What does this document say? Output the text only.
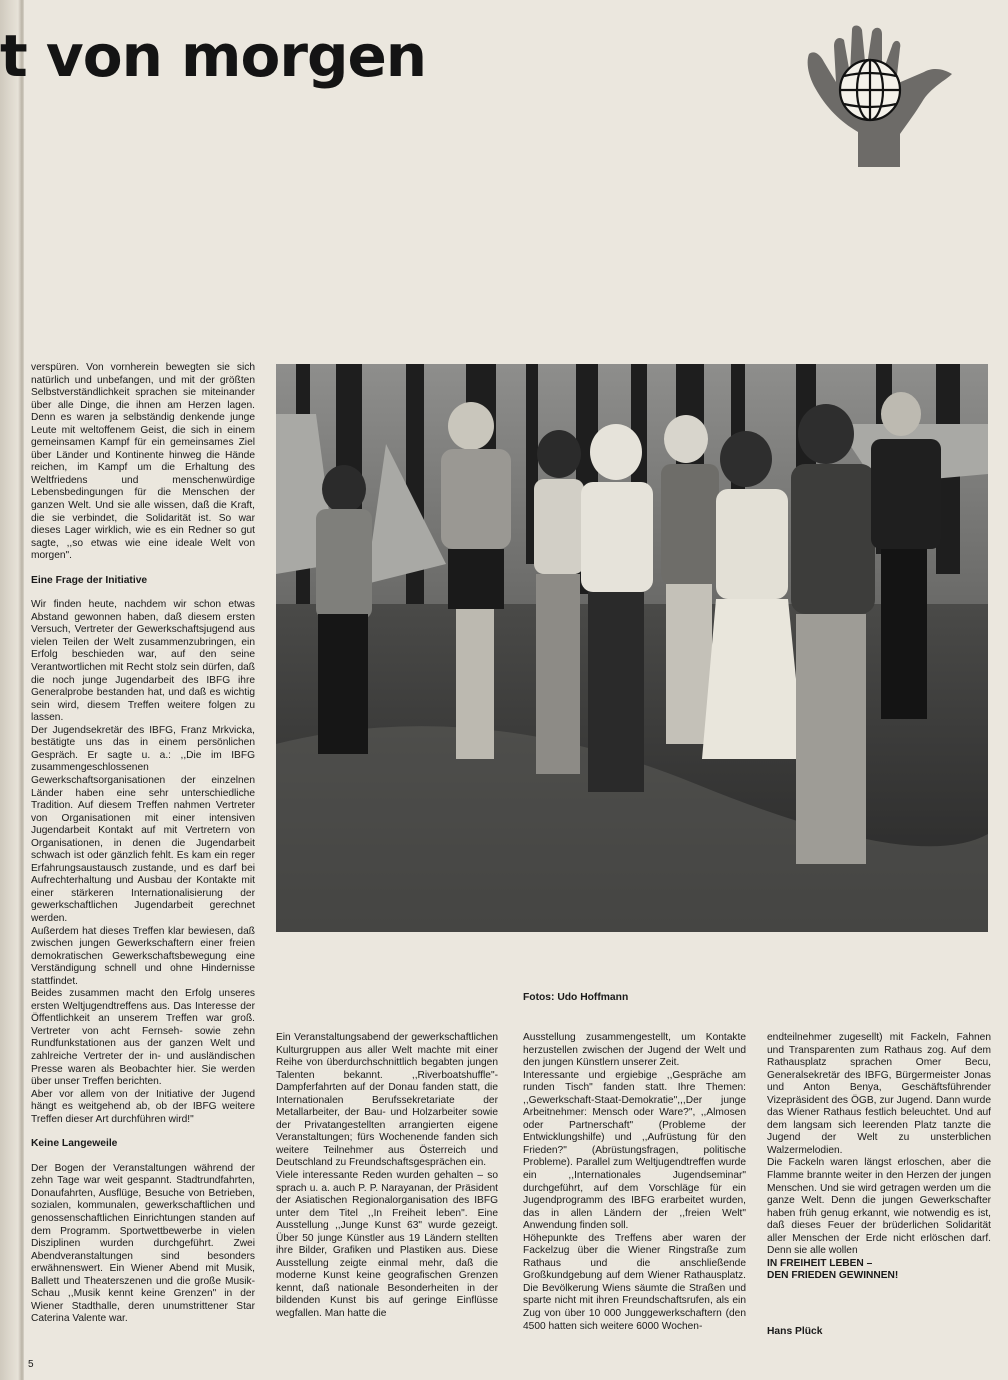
t von morgen
Fotos: Udo Hoffmann

verspüren. Von vornherein bewegten sie sich natürlich und unbefangen, und mit der größten Selbstverständlichkeit sprachen sie miteinander über alle Dinge, die ihnen am Herzen lagen. Denn es waren ja selbständig denkende junge Leute mit weltoffenem Geist, die sich in einem gemeinsamen Kampf für ein gemeinsames Ziel über Länder und Kontinente hinweg die Hände reichen, im Kampf um die Erhaltung des Weltfriedens und menschenwürdige Lebensbedingungen für die Menschen der ganzen Welt. Und sie alle wissen, daß die Kraft, die sie verbindet, die Solidarität ist. So war dieses Lager wirklich, wie es ein Redner so gut sagte, ,,so etwas wie eine ideale Welt von morgen".

Eine Frage der Initiative

Wir finden heute, nachdem wir schon etwas Abstand gewonnen haben, daß diesem ersten Versuch, Vertreter der Gewerkschaftsjugend aus vielen Teilen der Welt zusammenzubringen, ein Erfolg beschieden war, auf den seine Verantwortlichen mit Recht stolz sein dürfen, daß die noch junge Jugendarbeit des IBFG ihre Generalprobe bestanden hat, und daß es wichtig sein wird, diesem Treffen weitere folgen zu lassen.

Der Jugendsekretär des IBFG, Franz Mrkvicka, bestätigte uns das in einem persönlichen Gespräch. Er sagte u. a.: ,,Die im IBFG zusammengeschlossenen Gewerkschaftsorganisationen der einzelnen Länder haben eine sehr unterschiedliche Tradition. Auf diesem Treffen nahmen Vertreter von Organisationen mit einer intensiven Jugendarbeit Kontakt auf mit Vertretern von Organisationen, in denen die Jugendarbeit schwach ist oder gänzlich fehlt. Es kam ein reger Erfahrungsaustausch zustande, und es darf bei Aufrechterhaltung und Ausbau der Kontakte mit einer stärkeren Internationalisierung der gewerkschaftlichen Jugendarbeit gerechnet werden.

Außerdem hat dieses Treffen klar bewiesen, daß zwischen jungen Gewerkschaftern einer freien demokratischen Gewerkschaftsbewegung eine Verständigung schnell und ohne Hindernisse stattfindet.

Beides zusammen macht den Erfolg unseres ersten Weltjugendtreffens aus. Das Interesse der Öffentlichkeit an unserem Treffen war groß. Vertreter von acht Fernseh- sowie zehn Rundfunkstationen aus der ganzen Welt und zahlreiche Vertreter der in- und ausländischen Presse waren als Beobachter hier. Sie werden über unser Treffen berichten.

Aber vor allem von der Initiative der Jugend hängt es weitgehend ab, ob der IBFG weitere Treffen dieser Art durchführen wird!"

Keine Langeweile

Der Bogen der Veranstaltungen während der zehn Tage war weit gespannt. Stadtrundfahrten, Donaufahrten, Ausflüge, Besuche von Betrieben, sozialen, kommunalen, gewerkschaftlichen und genossenschaftlichen Einrichtungen standen auf dem Programm. Sportwettbewerbe in vielen Disziplinen wurden durchgeführt. Zwei Abendveranstaltungen sind besonders erwähnenswert. Ein Wiener Abend mit Musik, Ballett und Theaterszenen und die große Musik-Schau ,,Musik kennt keine Grenzen" in der Wiener Stadthalle, deren unumstrittener Star Caterina Valente war.

Ein Veranstaltungsabend der gewerkschaftlichen Kulturgruppen aus aller Welt machte mit einer Reihe von überdurchschnittlich begabten jungen Talenten bekannt. ,,Riverboatshuffle"-Dampferfahrten auf der Donau fanden statt, die Internationalen Berufssekretariate der Metallarbeiter, der Bau- und Holzarbeiter sowie der Privatangestellten arrangierten eigene Veranstaltungen; fürs Wochenende fanden sich weitere Teilnehmer aus Österreich und Deutschland zu Freundschaftsgesprächen ein.

Viele interessante Reden wurden gehalten – so sprach u. a. auch P. P. Narayanan, der Präsident der Asiatischen Regionalorganisation des IBFG unter dem Titel ,,In Freiheit leben". Eine Ausstellung ,,Junge Kunst 63" wurde gezeigt. Über 50 junge Künstler aus 19 Ländern stellten ihre Bilder, Grafiken und Plastiken aus. Diese Ausstellung zeigte einmal mehr, daß die moderne Kunst keine geografischen Grenzen kennt, daß nationale Besonderheiten in der bildenden Kunst bis auf geringe Einflüsse wegfallen. Man hatte die

Ausstellung zusammengestellt, um Kontakte herzustellen zwischen der Jugend der Welt und den jungen Künstlern unserer Zeit.

Interessante und ergiebige ,,Gespräche am runden Tisch" fanden statt. Ihre Themen: ,,Gewerkschaft-Staat-Demokratie",,,Der junge Arbeitnehmer: Mensch oder Ware?", ,,Almosen oder Partnerschaft" (Probleme der Entwicklungshilfe) und ,,Aufrüstung für den Frieden?" (Abrüstungsfragen, politische Probleme). Parallel zum Weltjugendtreffen wurde ein ,,Internationales Jugendseminar" durchgeführt, auf dem Vorschläge für ein Jugendprogramm des IBFG erarbeitet wurden, das in allen Ländern der ,,freien Welt" Anwendung finden soll.

Höhepunkte des Treffens aber waren der Fackelzug über die Wiener Ringstraße zum Rathaus und die anschließende Großkundgebung auf dem Wiener Rathausplatz. Die Bevölkerung Wiens säumte die Straßen und sparte nicht mit ihren Freundschaftsrufen, als ein Zug von über 10 000 Junggewerkschaftern (den 4500 hatten sich weitere 6000 Wochen-

endteilnehmer zugesellt) mit Fackeln, Fahnen und Transparenten zum Rathaus zog. Auf dem Rathausplatz sprachen Omer Becu, Generalsekretär des IBFG, Bürgermeister Jonas und Anton Benya, Geschäftsführender Vizepräsident des ÖGB, zur Jugend. Dann wurde das Wiener Rathaus festlich beleuchtet. Und auf dem langsam sich leerenden Platz tanzte die Jugend der Welt zu unsterblichen Walzermelodien.

Die Fackeln waren längst erloschen, aber die Flamme brannte weiter in den Herzen der jungen Menschen. Und sie wird getragen werden um die ganze Welt. Denn die jungen Gewerkschafter haben früh genug erkannt, wie notwendig es ist, daß dieses Feuer der brüderlichen Solidarität aller Menschen der Erde nicht erlöschen darf. Denn sie alle wollen

IN FREIHEIT LEBEN –

DEN FRIEDEN GEWINNEN!

Hans Plück
5
